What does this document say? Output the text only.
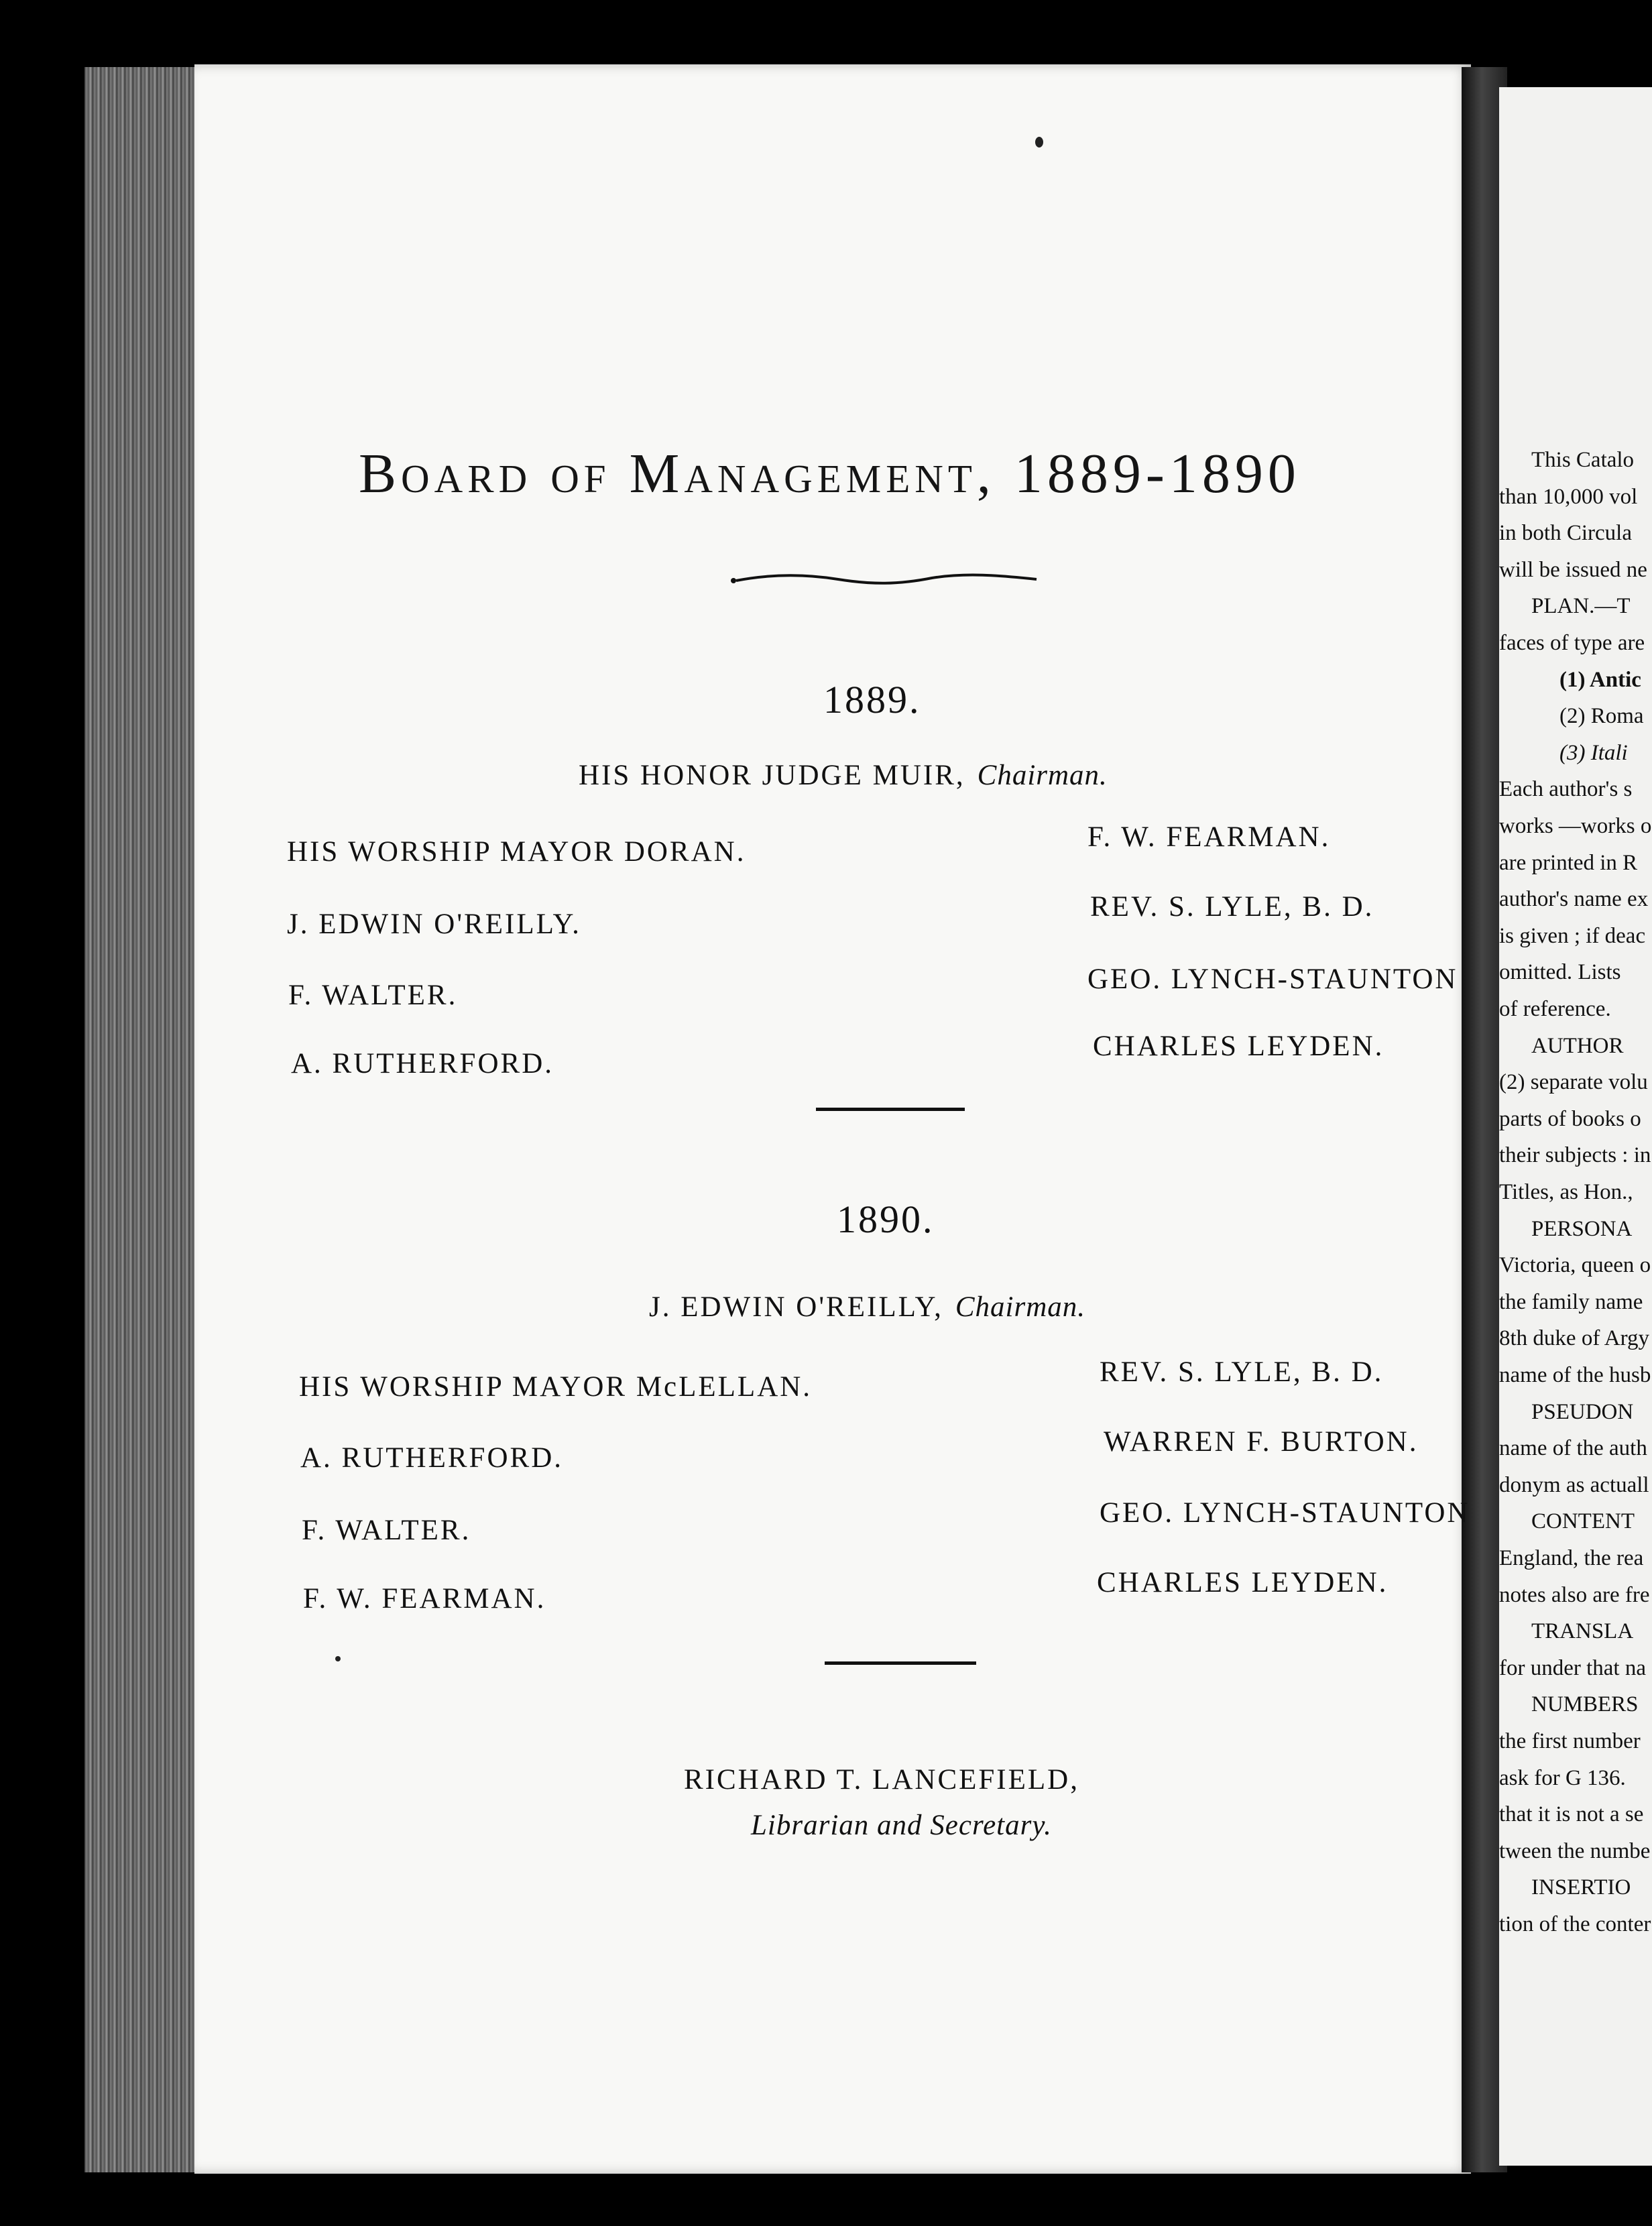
This Catalo
than 10,000 vol
in both Circula
will be issued ne
PLAN.—T
faces of type are
(1) Antic
(2) Roma
(3) Itali
Each author's s
works —works o
are printed in R
author's name ex
is given ; if deac
omitted. Lists
of reference.
AUTHOR
(2) separate volu
parts of books o
their subjects : in
Titles, as Hon.,
PERSONA
Victoria, queen o
the family name
8th duke of Argy
name of the husb
PSEUDON
name of the auth
donym as actuall
CONTENT
England, the rea
notes also are fre
TRANSLA
for under that na
NUMBERS
the first number
ask for G 136.
that it is not a se
tween the numbe
INSERTIO
tion of the conter
Board of Management, 1889-1890
1889.
HIS HONOR JUDGE MUIR, Chairman.
HIS WORSHIP MAYOR DORAN.
J. EDWIN O'REILLY.
F. WALTER.
A. RUTHERFORD.
F. W. FEARMAN.
REV. S. LYLE, B. D.
GEO. LYNCH-STAUNTON
CHARLES LEYDEN.
1890.
J. EDWIN O'REILLY, Chairman.
HIS WORSHIP MAYOR McLELLAN.
A. RUTHERFORD.
F. WALTER.
F. W. FEARMAN.
REV. S. LYLE, B. D.
WARREN F. BURTON.
GEO. LYNCH-STAUNTON
CHARLES LEYDEN.
RICHARD T. LANCEFIELD,
Librarian and Secretary.
